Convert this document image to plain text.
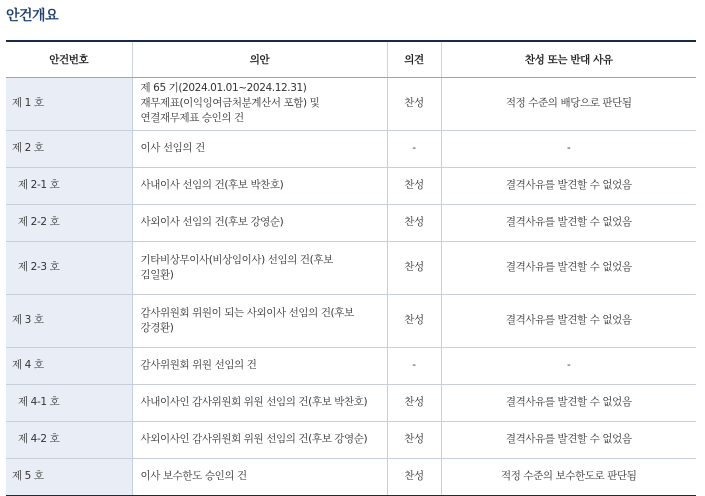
안건개요
안건번호	의안	의견	찬성 또는 반대 사유
제 1 호	제 65 기(2024.01.01~2024.12.31)
재무제표(이익잉여금처분계산서 포함) 및
연결재무제표 승인의 건	찬성	적정 수준의 배당으로 판단됨
제 2 호	이사 선임의 건	-	-
제 2-1 호	사내이사 선임의 건(후보 박찬호)	찬성	결격사유를 발견할 수 없었음
제 2-2 호	사외이사 선임의 건(후보 강영순)	찬성	결격사유를 발견할 수 없었음
제 2-3 호	기타비상무이사(비상임이사) 선임의 건(후보
김일환)	찬성	결격사유를 발견할 수 없었음
제 3 호	감사위원회 위원이 되는 사외이사 선임의 건(후보
강경환)	찬성	결격사유를 발견할 수 없었음
제 4 호	감사위원회 위원 선임의 건	-	-
제 4-1 호	사내이사인 감사위원회 위원 선임의 건(후보 박찬호)	찬성	결격사유를 발견할 수 없었음
제 4-2 호	사외이사인 감사위원회 위원 선임의 건(후보 강영순)	찬성	결격사유를 발견할 수 없었음
제 5 호	이사 보수한도 승인의 건	찬성	적정 수준의 보수한도로 판단됨
